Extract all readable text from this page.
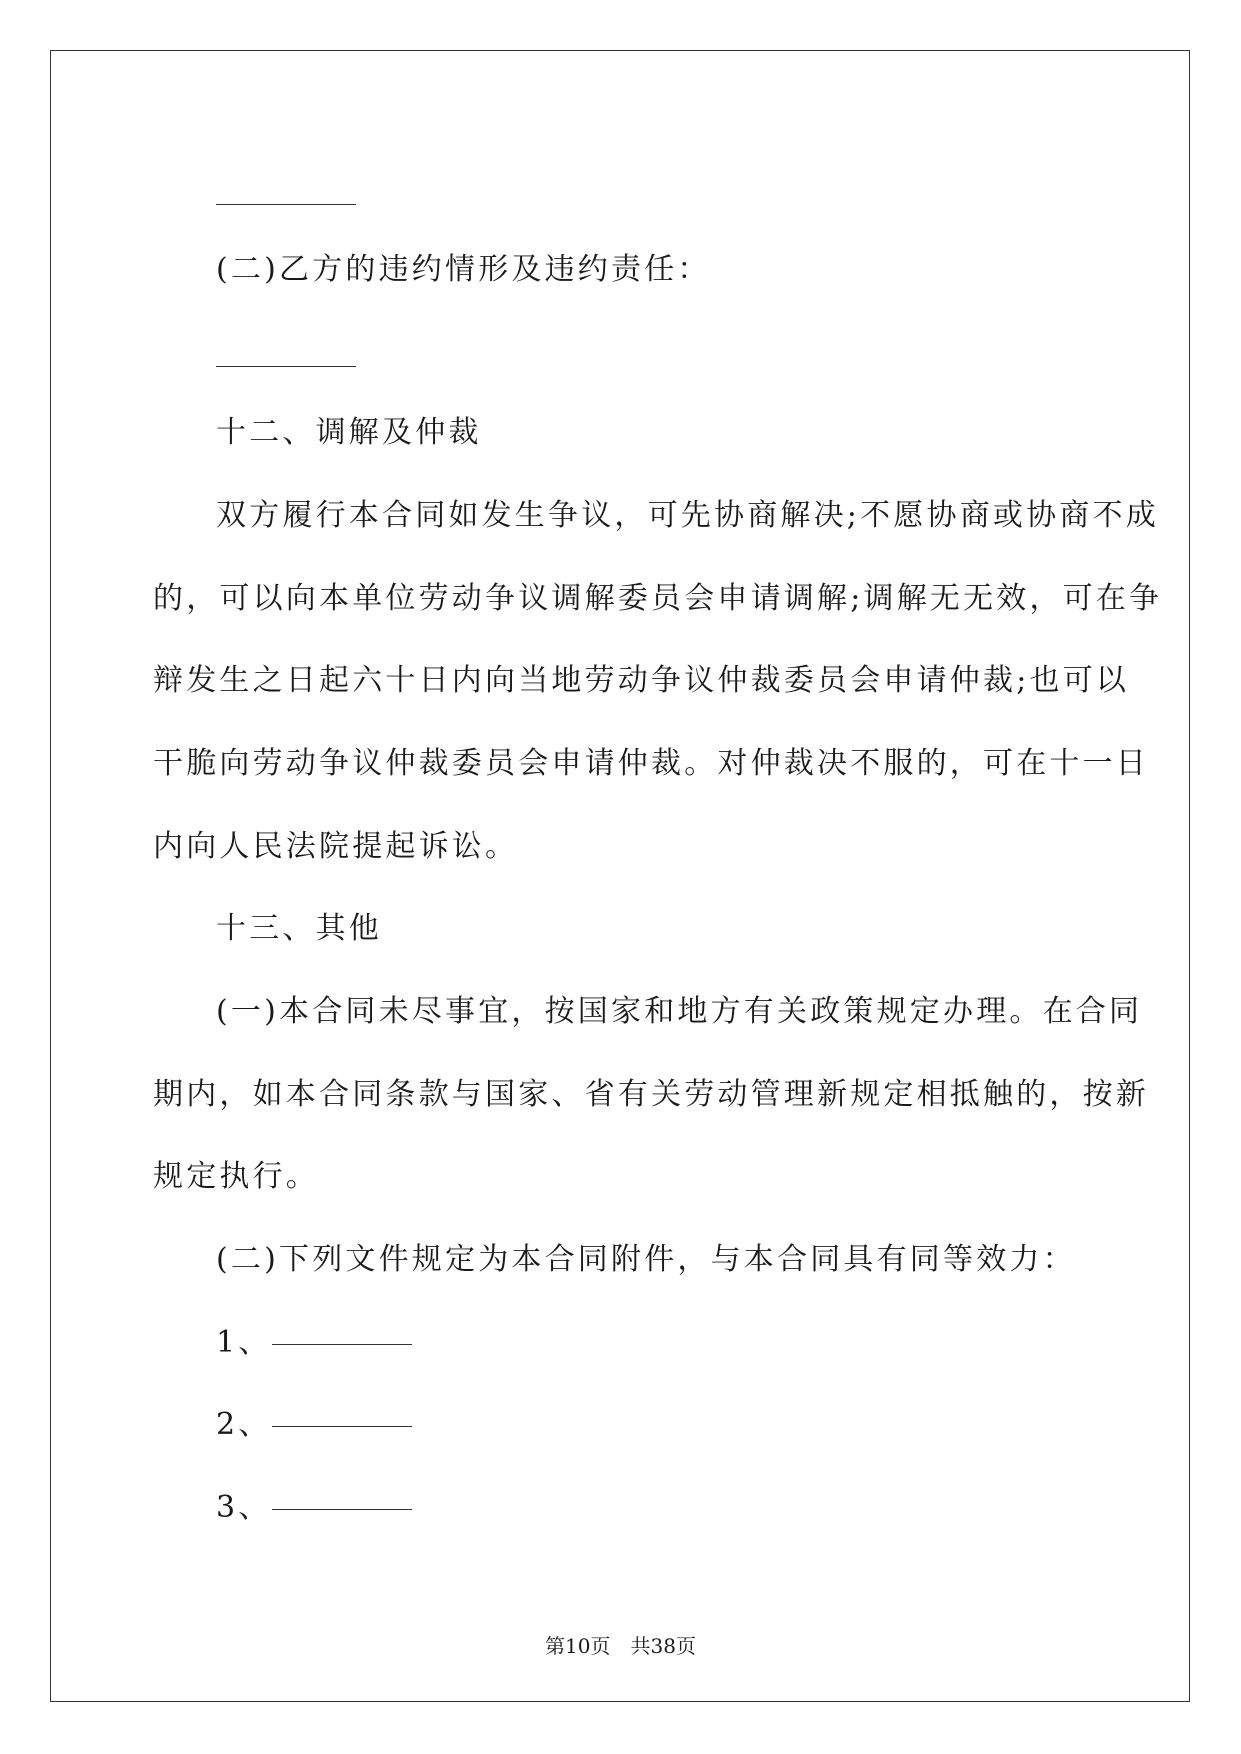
(二)乙方的违约情形及违约责任：
十二、调解及仲裁
双方履行本合同如发生争议，可先协商解决;不愿协商或协商不成
的，可以向本单位劳动争议调解委员会申请调解;调解无无效，可在争
辩发生之日起六十日内向当地劳动争议仲裁委员会申请仲裁;也可以
干脆向劳动争议仲裁委员会申请仲裁。对仲裁决不服的，可在十一日
内向人民法院提起诉讼。
十三、其他
(一)本合同未尽事宜，按国家和地方有关政策规定办理。在合同
期内，如本合同条款与国家、省有关劳动管理新规定相抵触的，按新
规定执行。
(二)下列文件规定为本合同附件，与本合同具有同等效力：
1、
2、
3、
第10页 共38页
